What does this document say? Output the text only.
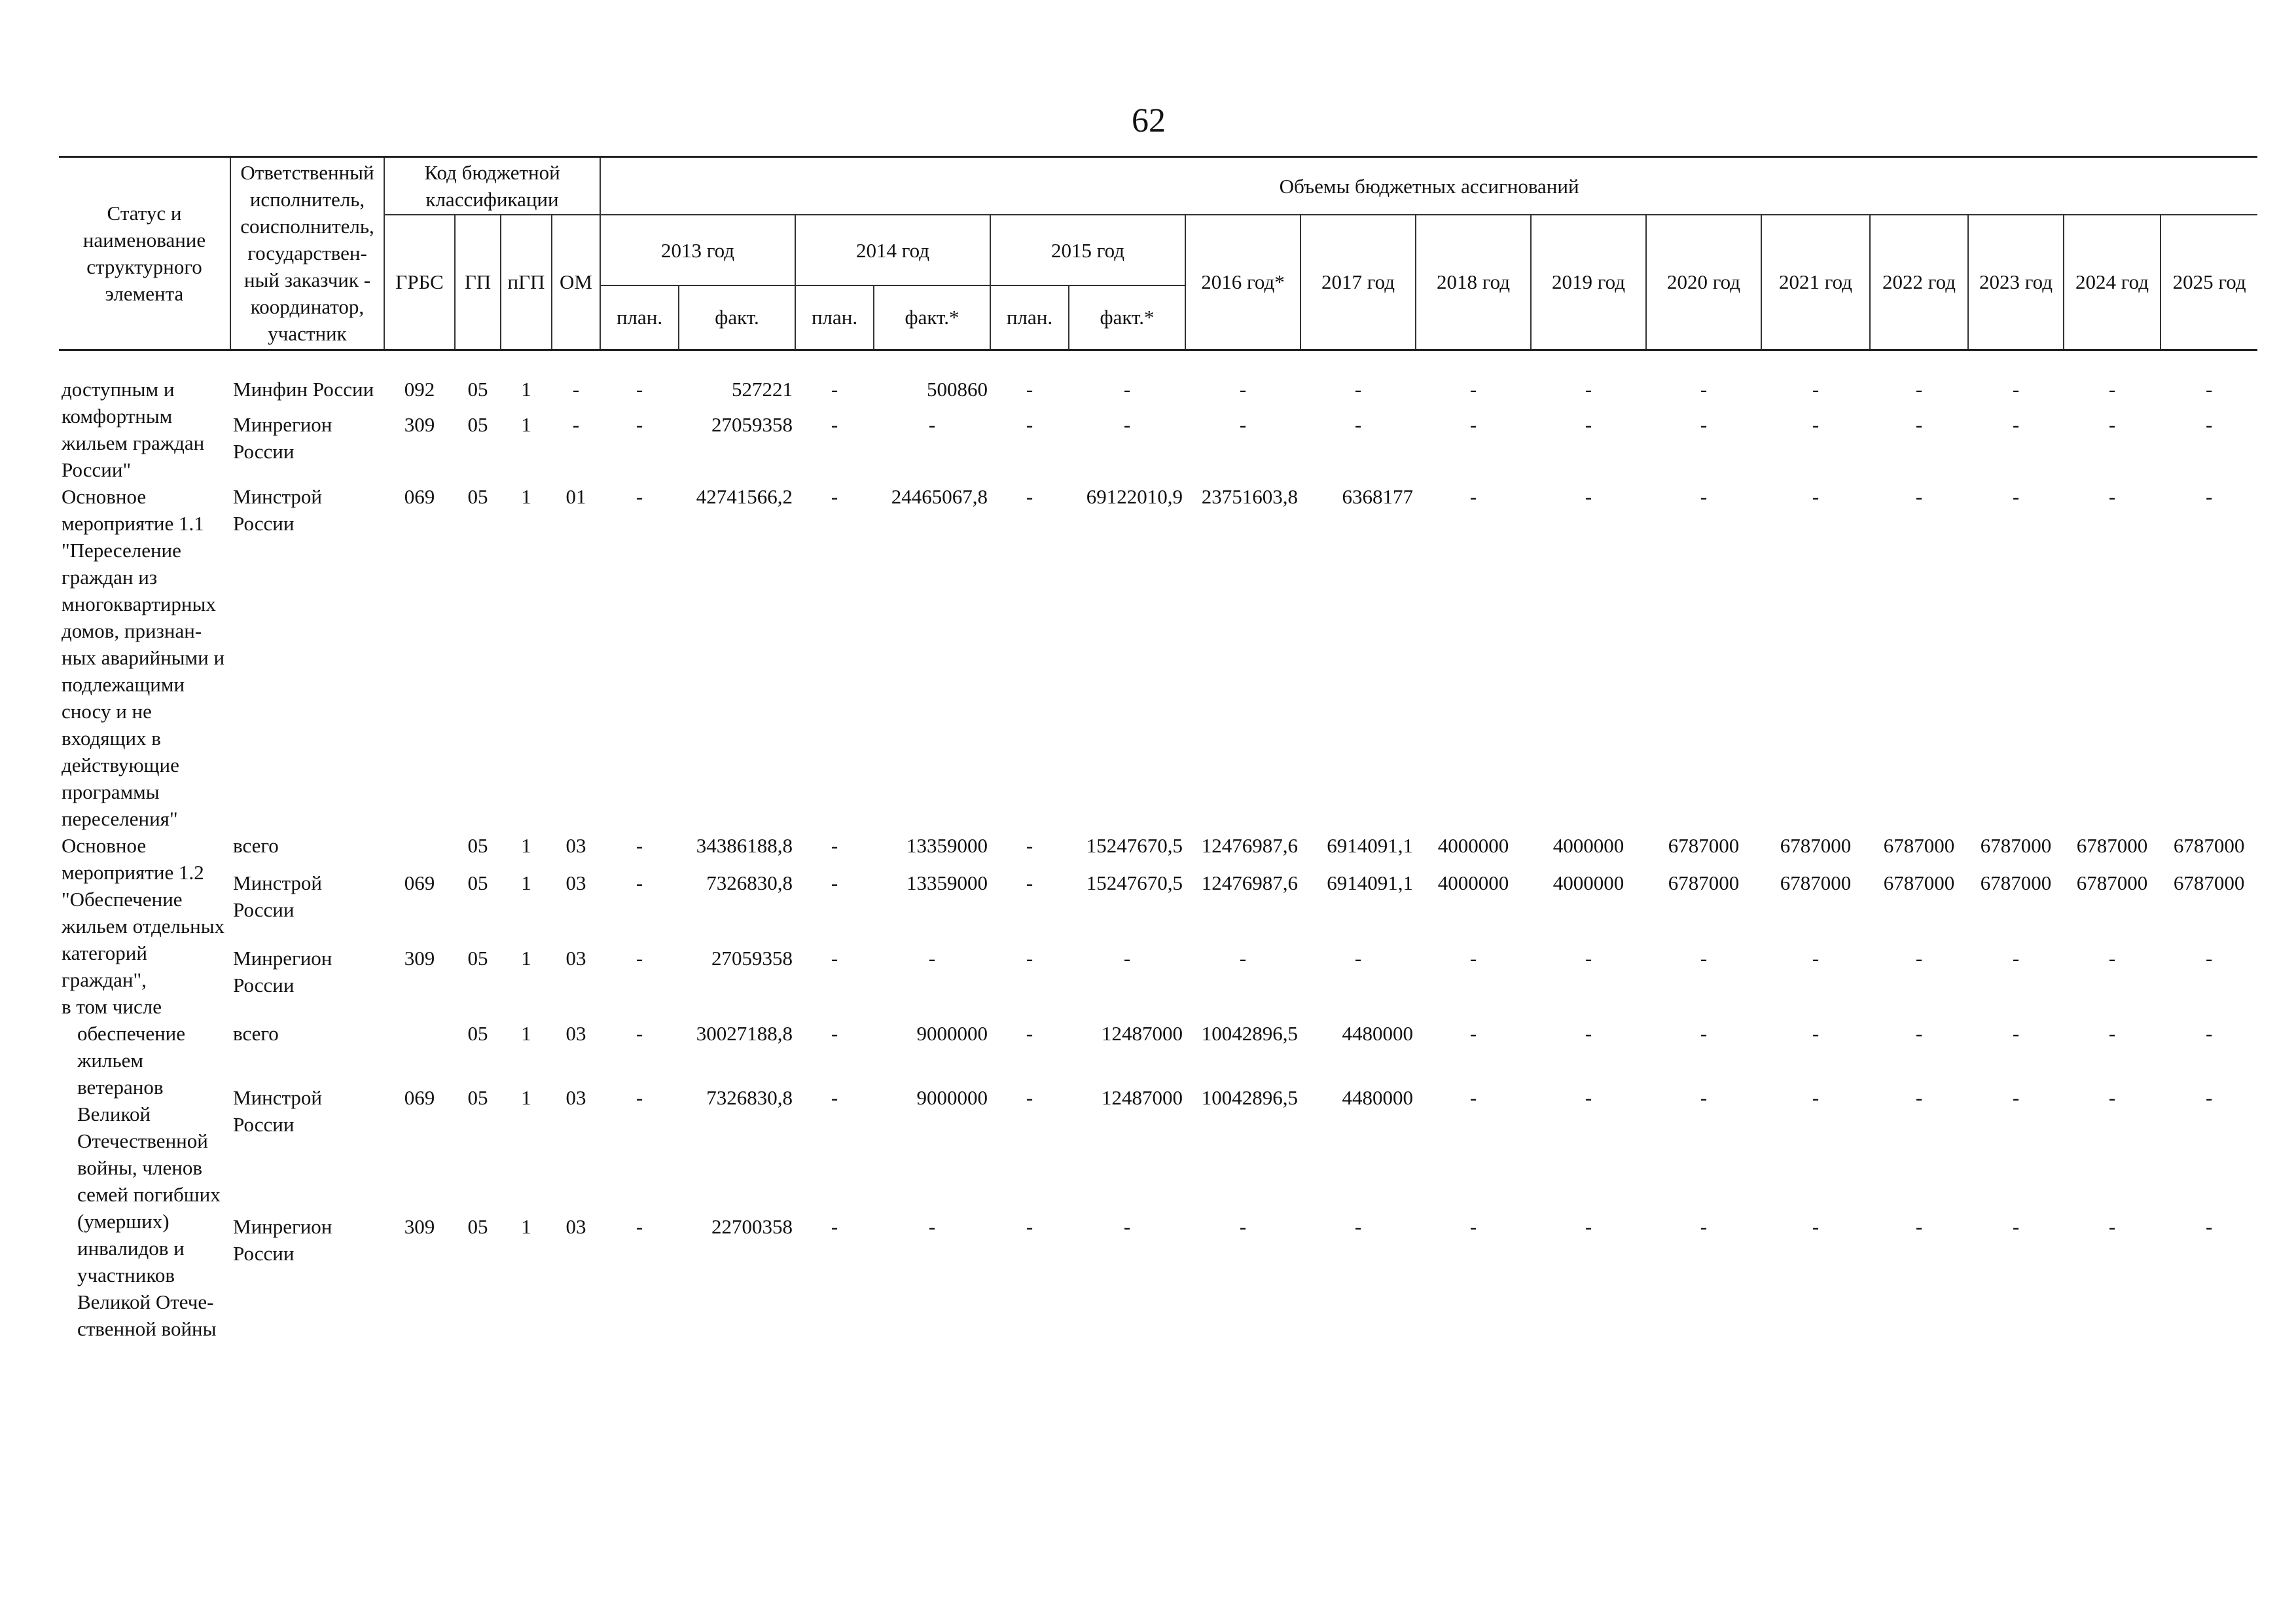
62
Статус и наименование структурного элемента	Ответственный исполнитель, соисполнитель, государствен-ный заказчик - координатор, участник	Код бюджетной классификации				Объемы бюджетных ассигнований															
		ГРБС	ГП	пГП	ОМ	2013 год		2014 год		2015 год		2016 год*	2017 год	2018 год	2019 год	2020 год	2021 год	2022 год	2023 год	2024 год	2025 год
						план.	факт.	план.	факт.*	план.	факт.*										

доступным и комфортным жильем граждан России"	Минфин России	092	05	1	-	-	527221	-	500860	-	-	-	-	-	-	-	-	-	-	-	-
	Минрегион России	309	05	1	-	-	27059358	-	-	-	-	-	-	-	-	-	-	-	-	-	-
Основное мероприятие 1.1 "Переселение граждан из многоквартирных домов, признан-ных аварийными и подлежащими сносу и не входящих в действующие программы переселения"	Минстрой России	069	05	1	01	-	42741566,2	-	24465067,8	-	69122010,9	23751603,8	6368177	-	-	-	-	-	-	-	-
Основное мероприятие 1.2 "Обеспечение жильем отдельных категорий граждан",
в том числе	всего		05	1	03	-	34386188,8	-	13359000	-	15247670,5	12476987,6	6914091,1	4000000	4000000	6787000	6787000	6787000	6787000	6787000	6787000
	Минстрой России	069	05	1	03	-	7326830,8	-	13359000	-	15247670,5	12476987,6	6914091,1	4000000	4000000	6787000	6787000	6787000	6787000	6787000	6787000
	Минрегион России	309	05	1	03	-	27059358	-	-	-	-	-	-	-	-	-	-	-	-	-	-
обеспечение жильем ветеранов Великой Отечественной войны, членов семей погибших (умерших) инвалидов и участников Великой Отече-ственной войны	всего		05	1	03	-	30027188,8	-	9000000	-	12487000	10042896,5	4480000	-	-	-	-	-	-	-	-
	Минстрой России	069	05	1	03	-	7326830,8	-	9000000	-	12487000	10042896,5	4480000	-	-	-	-	-	-	-	-
	Минрегион России	309	05	1	03	-	22700358	-	-	-	-	-	-	-	-	-	-	-	-	-	-
